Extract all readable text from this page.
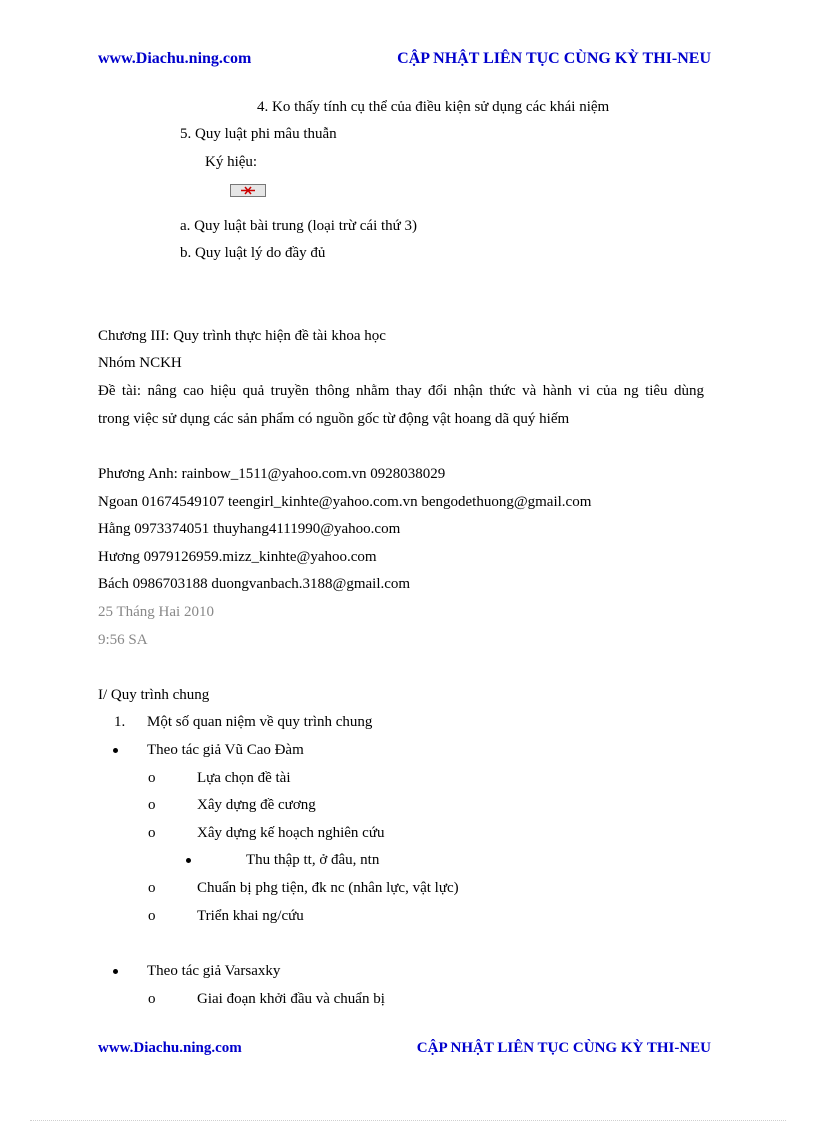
www.Diachu.ning.com	CẬP NHẬT LIÊN TỤC CÙNG KỲ THI-NEU
4. Ko thấy tính cụ thể của điều kiện sử dụng các khái niệm
5. Quy luật phi mâu thuẫn
Ký hiệu:
a. Quy luật bài trung (loại trừ cái thứ 3)
b. Quy luật lý do đầy đủ
Chương III: Quy trình thực hiện đề tài khoa học
Nhóm NCKH
Đề tài: nâng cao hiệu quả truyền thông nhằm thay đổi nhận thức và hành vi của ng tiêu dùng
trong việc sử dụng các sản phẩm có nguồn gốc từ động vật hoang dã quý hiếm
Phương Anh: rainbow_1511@yahoo.com.vn 0928038029
Ngoan 01674549107 teengirl_kinhte@yahoo.com.vn bengodethuong@gmail.com
Hằng 0973374051 thuyhang4111990@yahoo.com
Hương 0979126959.mizz_kinhte@yahoo.com
Bách 0986703188 duongvanbach.3188@gmail.com
25 Tháng Hai 2010
9:56 SA
I/ Quy trình chung
1. Một số quan niệm về quy trình chung
Theo tác giả Vũ Cao Đàm
o	Lựa chọn đề tài
o	Xây dựng đề cương
o	Xây dựng kế hoạch nghiên cứu
Thu thập tt, ở đâu, ntn
o	Chuẩn bị phg tiện, đk nc (nhân lực, vật lực)
o	Triển khai ng/cứu
Theo tác giả Varsaxky
o	Giai đoạn khởi đầu và chuẩn bị
www.Diachu.ning.com	CẬP NHẬT LIÊN TỤC CÙNG KỲ THI-NEU
